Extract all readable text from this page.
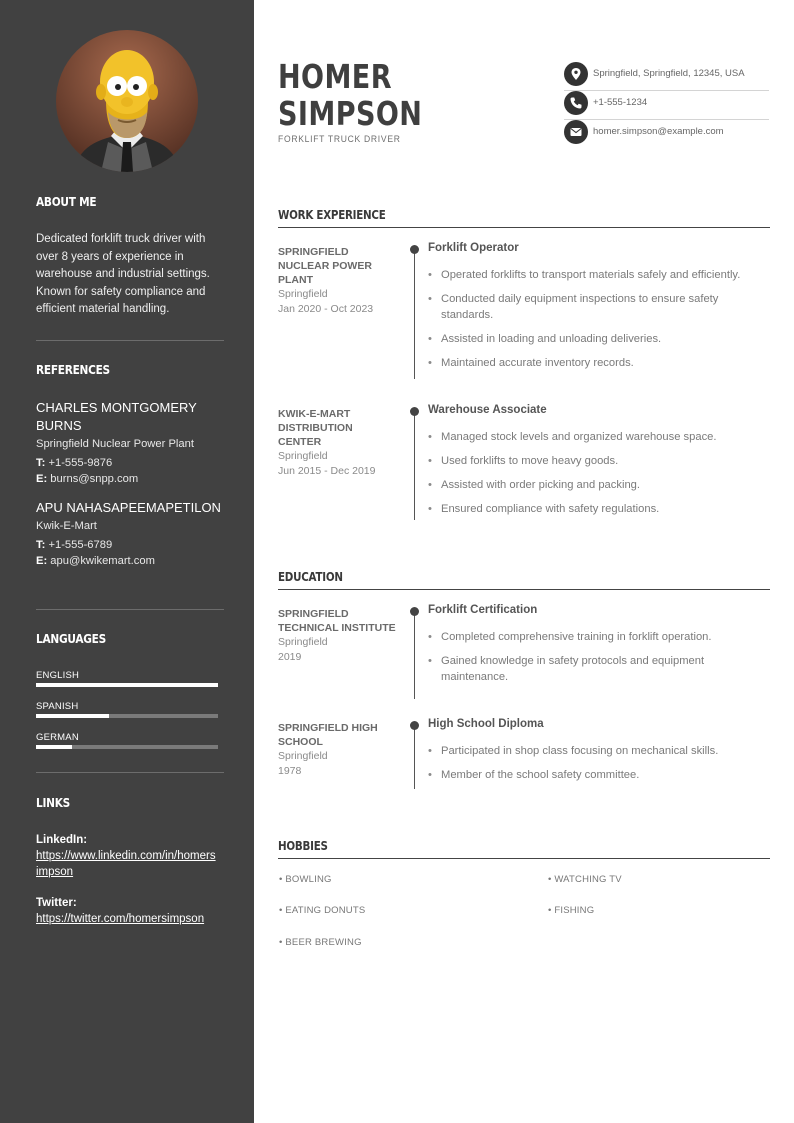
ABOUT ME
Dedicated forklift truck driver with over 8 years of experience in warehouse and industrial settings. Known for safety compliance and efficient material handling.
REFERENCES
CHARLES MONTGOMERY BURNS
Springfield Nuclear Power Plant
T: +1-555-9876
E: burns@snpp.com
APU NAHASAPEEMAPETILON
Kwik-E-Mart
T: +1-555-6789
E: apu@kwikemart.com
LANGUAGES
ENGLISH
SPANISH
GERMAN
LINKS
LinkedIn:
https://www.linkedin.com/in/homersimpson
Twitter:
https://twitter.com/homersimpson
HOMER
SIMPSON
FORKLIFT TRUCK DRIVER
Springfield, Springfield, 12345, USA
+1-555-1234
homer.simpson@example.com
WORK EXPERIENCE
SPRINGFIELD NUCLEAR POWER PLANT
Springfield
Jan 2020 - Oct 2023
Forklift Operator
• Operated forklifts to transport materials safely and efficiently.
• Conducted daily equipment inspections to ensure safety standards.
• Assisted in loading and unloading deliveries.
• Maintained accurate inventory records.
KWIK-E-MART DISTRIBUTION CENTER
Springfield
Jun 2015 - Dec 2019
Warehouse Associate
• Managed stock levels and organized warehouse space.
• Used forklifts to move heavy goods.
• Assisted with order picking and packing.
• Ensured compliance with safety regulations.
EDUCATION
SPRINGFIELD TECHNICAL INSTITUTE
Springfield
2019
Forklift Certification
• Completed comprehensive training in forklift operation.
• Gained knowledge in safety protocols and equipment maintenance.
SPRINGFIELD HIGH SCHOOL
Springfield
1978
High School Diploma
• Participated in shop class focusing on mechanical skills.
• Member of the school safety committee.
HOBBIES
• BOWLING	• WATCHING TV
• EATING DONUTS	• FISHING
• BEER BREWING
